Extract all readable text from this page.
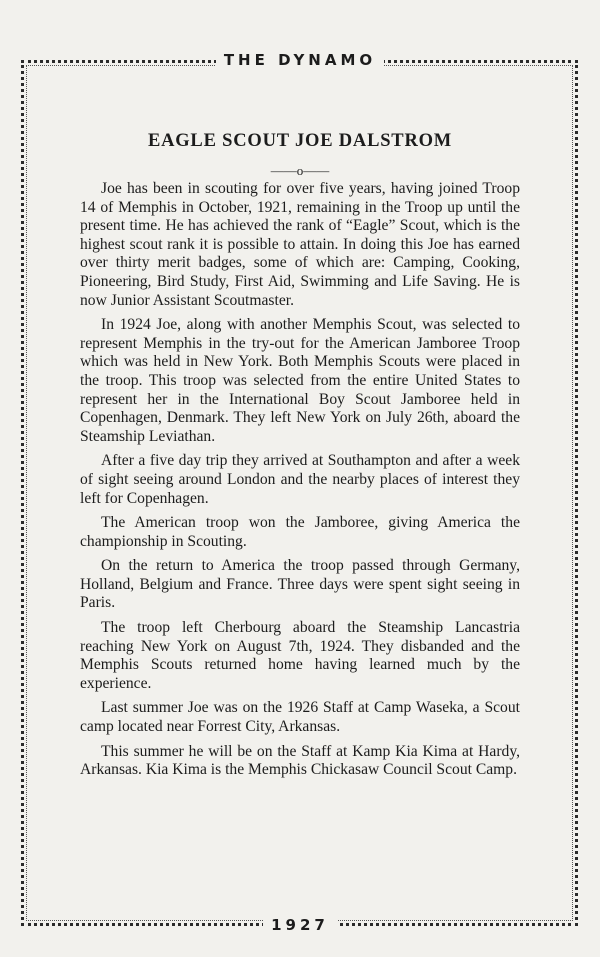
THE DYNAMO
EAGLE SCOUT JOE DALSTROM
——o——

Joe has been in scouting for over five years, having joined Troop 14 of Memphis in October, 1921, remaining in the Troop up until the present time. He has achieved the rank of “Eagle” Scout, which is the highest scout rank it is possible to attain. In doing this Joe has earned over thirty merit badges, some of which are: Camping, Cooking, Pioneering, Bird Study, First Aid, Swimming and Life Saving. He is now Junior Assistant Scoutmaster.

In 1924 Joe, along with another Memphis Scout, was selected to represent Memphis in the try-out for the American Jamboree Troop which was held in New York. Both Memphis Scouts were placed in the troop. This troop was selected from the entire United States to represent her in the International Boy Scout Jamboree held in Copenhagen, Denmark. They left New York on July 26th, aboard the Steamship Leviathan.

After a five day trip they arrived at Southampton and after a week of sight seeing around London and the nearby places of interest they left for Copenhagen.

The American troop won the Jamboree, giving America the championship in Scouting.

On the return to America the troop passed through Germany, Holland, Belgium and France. Three days were spent sight seeing in Paris.

The troop left Cherbourg aboard the Steamship Lancastria reaching New York on August 7th, 1924. They disbanded and the Memphis Scouts returned home having learned much by the experience.

Last summer Joe was on the 1926 Staff at Camp Waseka, a Scout camp located near Forrest City, Arkansas.

This summer he will be on the Staff at Kamp Kia Kima at Hardy, Arkansas. Kia Kima is the Memphis Chickasaw Council Scout Camp.

1927
